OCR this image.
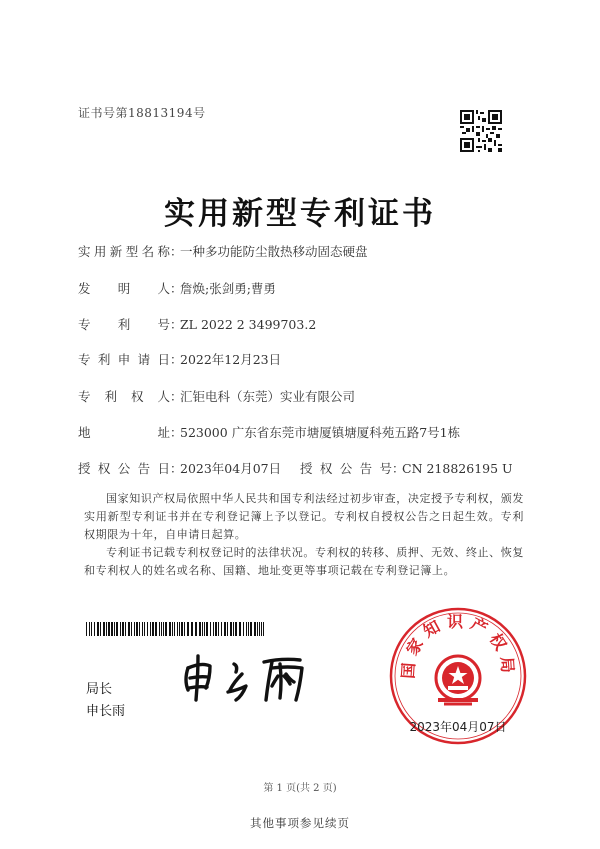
证书号第18813194号
实用新型专利证书
实用新型名称：一种多功能防尘散热移动固态硬盘
发 明 人：詹焕;张剑勇;曹勇
专 利 号：ZL 2022 2 3499703.2
专利申请日：2022年12月23日
专 利 权 人：汇钜电科（东莞）实业有限公司
地 址：523000 广东省东莞市塘厦镇塘厦科苑五路7号1栋
授权公告日：2023年04月07日 授权公告号：CN 218826195 U
国家知识产权局依照中华人民共和国专利法经过初步审查，决定授予专利权，颁发实用新型专利证书并在专利登记簿上予以登记。专利权自授权公告之日起生效。专利权期限为十年，自申请日起算。
专利证书记载专利权登记时的法律状况。专利权的转移、质押、无效、终止、恢复和专利权人的姓名或名称、国籍、地址变更等事项记载在专利登记簿上。
局长
申长雨
国家知识产权局
2023年04月07日
第 1 页(共 2 页)
其他事项参见续页
